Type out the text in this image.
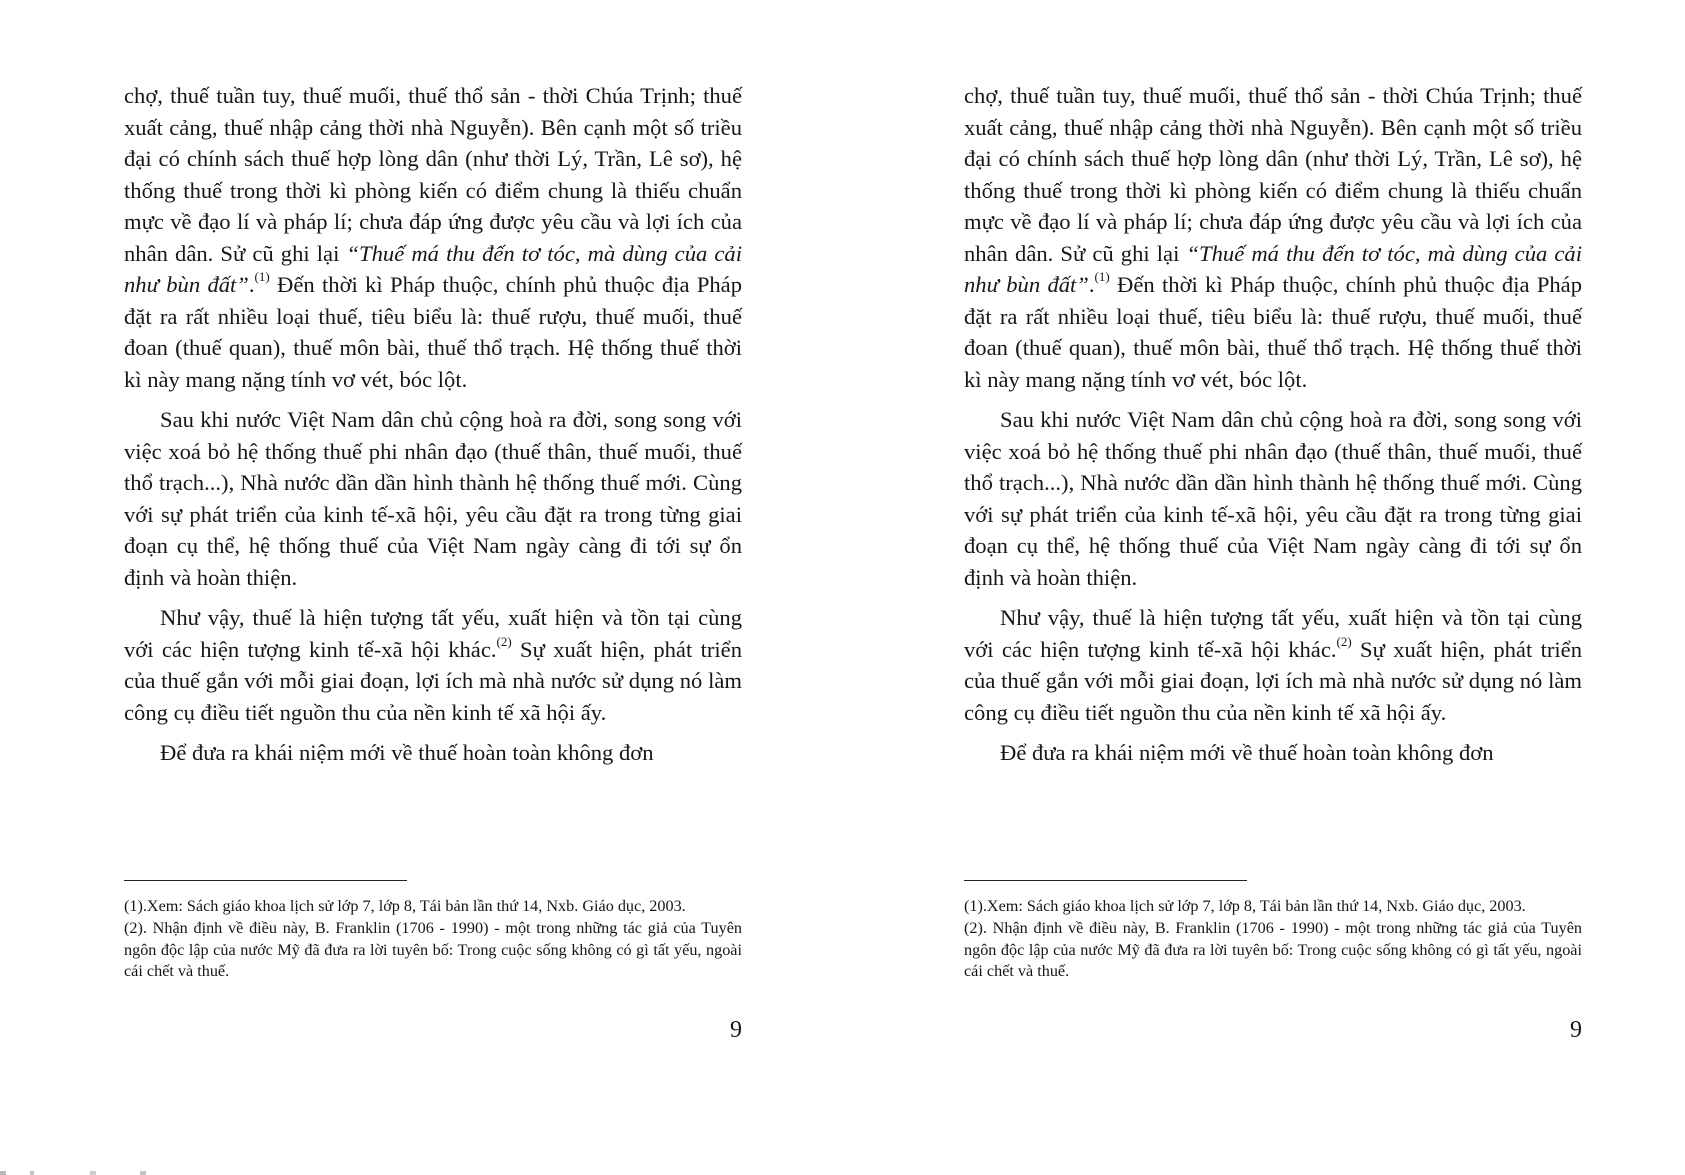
chợ, thuế tuần tuy, thuế muối, thuế thổ sản - thời Chúa Trịnh; thuế xuất cảng, thuế nhập cảng thời nhà Nguyễn). Bên cạnh một số triều đại có chính sách thuế hợp lòng dân (như thời Lý, Trần, Lê sơ), hệ thống thuế trong thời kì phòng kiến có điểm chung là thiếu chuẩn mực về đạo lí và pháp lí; chưa đáp ứng được yêu cầu và lợi ích của nhân dân. Sử cũ ghi lại “Thuế má thu đến tơ tóc, mà dùng của cải như bùn đất”.$^{(1)}$ Đến thời kì Pháp thuộc, chính phủ thuộc địa Pháp đặt ra rất nhiều loại thuế, tiêu biểu là: thuế rượu, thuế muối, thuế đoan (thuế quan), thuế môn bài, thuế thổ trạch. Hệ thống thuế thời kì này mang nặng tính vơ vét, bóc lột.

Sau khi nước Việt Nam dân chủ cộng hoà ra đời, song song với việc xoá bỏ hệ thống thuế phi nhân đạo (thuế thân, thuế muối, thuế thổ trạch...), Nhà nước dần dần hình thành hệ thống thuế mới. Cùng với sự phát triển của kinh tế-xã hội, yêu cầu đặt ra trong từng giai đoạn cụ thể, hệ thống thuế của Việt Nam ngày càng đi tới sự ổn định và hoàn thiện.

Như vậy, thuế là hiện tượng tất yếu, xuất hiện và tồn tại cùng với các hiện tượng kinh tế-xã hội khác.$^{(2)}$ Sự xuất hiện, phát triển của thuế gắn với mỗi giai đoạn, lợi ích mà nhà nước sử dụng nó làm công cụ điều tiết nguồn thu của nền kinh tế xã hội ấy.

Để đưa ra khái niệm mới về thuế hoàn toàn không đơn

(1).Xem: Sách giáo khoa lịch sử lớp 7, lớp 8, Tái bản lần thứ 14, Nxb. Giáo dục, 2003.

(2). Nhận định về điều này, B. Franklin (1706 - 1990) - một trong những tác giả của Tuyên ngôn độc lập của nước Mỹ đã đưa ra lời tuyên bố: Trong cuộc sống không có gì tất yếu, ngoài cái chết và thuế.

9

chợ, thuế tuần tuy, thuế muối, thuế thổ sản - thời Chúa Trịnh; thuế xuất cảng, thuế nhập cảng thời nhà Nguyễn). Bên cạnh một số triều đại có chính sách thuế hợp lòng dân (như thời Lý, Trần, Lê sơ), hệ thống thuế trong thời kì phòng kiến có điểm chung là thiếu chuẩn mực về đạo lí và pháp lí; chưa đáp ứng được yêu cầu và lợi ích của nhân dân. Sử cũ ghi lại “Thuế má thu đến tơ tóc, mà dùng của cải như bùn đất”.$^{(1)}$ Đến thời kì Pháp thuộc, chính phủ thuộc địa Pháp đặt ra rất nhiều loại thuế, tiêu biểu là: thuế rượu, thuế muối, thuế đoan (thuế quan), thuế môn bài, thuế thổ trạch. Hệ thống thuế thời kì này mang nặng tính vơ vét, bóc lột.

Sau khi nước Việt Nam dân chủ cộng hoà ra đời, song song với việc xoá bỏ hệ thống thuế phi nhân đạo (thuế thân, thuế muối, thuế thổ trạch...), Nhà nước dần dần hình thành hệ thống thuế mới. Cùng với sự phát triển của kinh tế-xã hội, yêu cầu đặt ra trong từng giai đoạn cụ thể, hệ thống thuế của Việt Nam ngày càng đi tới sự ổn định và hoàn thiện.

Như vậy, thuế là hiện tượng tất yếu, xuất hiện và tồn tại cùng với các hiện tượng kinh tế-xã hội khác.$^{(2)}$ Sự xuất hiện, phát triển của thuế gắn với mỗi giai đoạn, lợi ích mà nhà nước sử dụng nó làm công cụ điều tiết nguồn thu của nền kinh tế xã hội ấy.

Để đưa ra khái niệm mới về thuế hoàn toàn không đơn

(1).Xem: Sách giáo khoa lịch sử lớp 7, lớp 8, Tái bản lần thứ 14, Nxb. Giáo dục, 2003.

(2). Nhận định về điều này, B. Franklin (1706 - 1990) - một trong những tác giả của Tuyên ngôn độc lập của nước Mỹ đã đưa ra lời tuyên bố: Trong cuộc sống không có gì tất yếu, ngoài cái chết và thuế.

9
